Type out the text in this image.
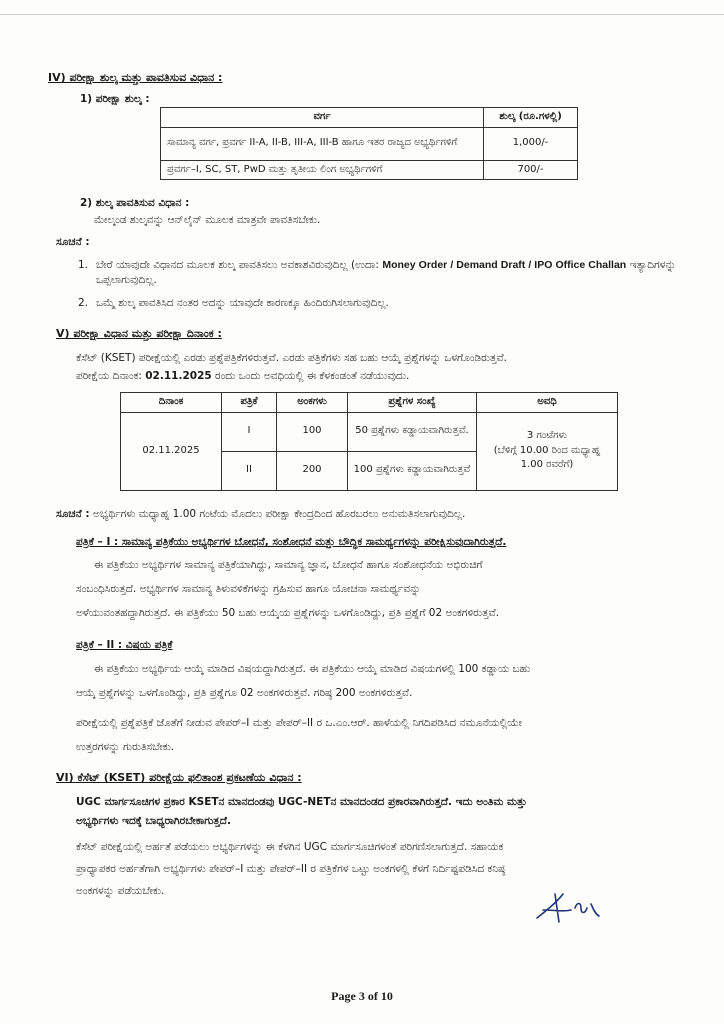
IV) ಪರೀಕ್ಷಾ ಶುಲ್ಕ ಮತ್ತು ಪಾವತಿಸುವ ವಿಧಾನ :
1) ಪರೀಕ್ಷಾ ಶುಲ್ಕ :
ವರ್ಗ	ಶುಲ್ಕ (ರೂ.ಗಳಲ್ಲಿ)
ಸಾಮಾನ್ಯ ವರ್ಗ, ಪ್ರವರ್ಗ II-A, II-B, III-A, III-B ಹಾಗೂ ಇತರ ರಾಜ್ಯದ ಅಭ್ಯರ್ಥಿಗಳಿಗೆ	1,000/-
ಪ್ರವರ್ಗ–I, SC, ST, PwD ಮತ್ತು ತೃತೀಯ ಲಿಂಗ ಅಭ್ಯರ್ಥಿಗಳಿಗೆ	700/-
2) ಶುಲ್ಕ ಪಾವತಿಸುವ ವಿಧಾನ :
ಮೇಲ್ಕಂಡ ಶುಲ್ಕವನ್ನು ಆನ್‌ಲೈನ್ ಮೂಲಕ ಮಾತ್ರವೇ ಪಾವತಿಸಬೇಕು.
ಸೂಚನೆ :
1. ಬೇರೆ ಯಾವುದೇ ವಿಧಾನದ ಮೂಲಕ ಶುಲ್ಕ ಪಾವತಿಸಲು ಅವಕಾಶವಿರುವುದಿಲ್ಲ (ಉದಾ: Money Order / Demand Draft / IPO Office Challan ಇತ್ಯಾದಿಗಳನ್ನು ಒಪ್ಪಲಾಗುವುದಿಲ್ಲ.
2. ಒಮ್ಮೆ ಶುಲ್ಕ ಪಾವತಿಸಿದ ನಂತರ ಅದನ್ನು ಯಾವುದೇ ಕಾರಣಕ್ಕೂ ಹಿಂದಿರುಗಿಸಲಾಗುವುದಿಲ್ಲ.
V) ಪರೀಕ್ಷಾ ವಿಧಾನ ಮತ್ತು ಪರೀಕ್ಷಾ ದಿನಾಂಕ :
ಕೆಸೆಟ್ (KSET) ಪರೀಕ್ಷೆಯಲ್ಲಿ ಎರಡು ಪ್ರಶ್ನೆಪತ್ರಿಕೆಗಳಿರುತ್ತವೆ. ಎರಡು ಪತ್ರಿಕೆಗಳು ಸಹ ಬಹು ಆಯ್ಕೆ ಪ್ರಶ್ನೆಗಳನ್ನು ಒಳಗೊಂಡಿರುತ್ತವೆ.
ಪರೀಕ್ಷೆಯ ದಿನಾಂಕ: 02.11.2025 ರಂದು ಒಂದು ಅವಧಿಯಲ್ಲಿ ಈ ಕೆಳಕಂಡಂತೆ ನಡೆಯುವುದು.
ದಿನಾಂಕ	ಪತ್ರಿಕೆ	ಅಂಕಗಳು	ಪ್ರಶ್ನೆಗಳ ಸಂಖ್ಯೆ	ಅವಧಿ
02.11.2025	I	100	50 ಪ್ರಶ್ನೆಗಳು ಕಡ್ಡಾಯವಾಗಿರುತ್ತವೆ.	3 ಗಂಟೆಗಳು
(ಬೆಳಿಗ್ಗೆ 10.00 ರಿಂದ ಮಧ್ಯಾಹ್ನ
1.00 ರವರೆಗೆ)

	II	200	100 ಪ್ರಶ್ನೆಗಳು ಕಡ್ಡಾಯವಾಗಿರುತ್ತವೆ	
ಸೂಚನೆ : ಅಭ್ಯರ್ಥಿಗಳು ಮಧ್ಯಾಹ್ನ 1.00 ಗಂಟೆಯ ಮೊದಲು ಪರೀಕ್ಷಾ ಕೇಂದ್ರದಿಂದ ಹೊರಬರಲು ಅನುಮತಿಸಲಾಗುವುದಿಲ್ಲ.
ಪತ್ರಿಕೆ – I : ಸಾಮಾನ್ಯ ಪತ್ರಿಕೆಯು ಅಭ್ಯರ್ಥಿಗಳ ಬೋಧನೆ, ಸಂಶೋಧನೆ ಮತ್ತು ಬೌದ್ಧಿಕ ಸಾಮರ್ಥ್ಯಗಳನ್ನು ಪರೀಕ್ಷಿಸುವುದಾಗಿರುತ್ತದೆ.
ಈ ಪತ್ರಿಕೆಯು ಅಭ್ಯರ್ಥಿಗಳ ಸಾಮಾನ್ಯ ಪತ್ರಿಕೆಯಾಗಿದ್ದು, ಸಾಮಾನ್ಯ ಜ್ಞಾನ, ಬೋಧನೆ ಹಾಗೂ ಸಂಶೋಧನೆಯ ಅಭಿರುಚಿಗೆ
ಸಂಬಂಧಿಸಿರುತ್ತದೆ. ಅಭ್ಯರ್ಥಿಗಳ ಸಾಮಾನ್ಯ ತಿಳುವಳಿಕೆಗಳನ್ನು ಗ್ರಹಿಸುವ ಹಾಗೂ ಯೋಚನಾ ಸಾಮರ್ಥ್ಯವನ್ನು
ಅಳೆಯುವಂತಹದ್ದಾಗಿರುತ್ತದೆ. ಈ ಪತ್ರಿಕೆಯು 50 ಬಹು ಆಯ್ಕೆಯ ಪ್ರಶ್ನೆಗಳನ್ನು ಒಳಗೊಂಡಿದ್ದು, ಪ್ರತಿ ಪ್ರಶ್ನೆಗೆ 02 ಅಂಕಗಳಿರುತ್ತವೆ.
ಪತ್ರಿಕೆ – II : ವಿಷಯ ಪತ್ರಿಕೆ
ಈ ಪತ್ರಿಕೆಯು ಅಭ್ಯರ್ಥಿಯ ಆಯ್ಕೆ ಮಾಡಿದ ವಿಷಯದ್ದಾಗಿರುತ್ತದೆ. ಈ ಪತ್ರಿಕೆಯು ಆಯ್ಕೆ ಮಾಡಿದ ವಿಷಯಗಳಲ್ಲಿ 100 ಕಡ್ಡಾಯ ಬಹು
ಆಯ್ಕೆ ಪ್ರಶ್ನೆಗಳನ್ನು ಒಳಗೊಂಡಿದ್ದು, ಪ್ರತಿ ಪ್ರಶ್ನೆಗೂ 02 ಅಂಕಗಳಿರುತ್ತವೆ. ಗರಿಷ್ಠ 200 ಅಂಕಗಳಿರುತ್ತವೆ.
ಪರೀಕ್ಷೆಯಲ್ಲಿ ಪ್ರಶ್ನೆಪತ್ರಿಕೆ ಜೊತೆಗೆ ನೀಡುವ ಪೇಪರ್–I ಮತ್ತು ಪೇಪರ್–II ರ ಒ.ಎಂ.ಆರ್. ಹಾಳೆಯಲ್ಲಿ ನಿಗದಿಪಡಿಸಿದ ನಮೂನೆಯಲ್ಲಿಯೇ
ಉತ್ತರಗಳನ್ನು ಗುರುತಿಸಬೇಕು.
VI) ಕೆಸೆಟ್ (KSET) ಪರೀಕ್ಷೆಯ ಫಲಿತಾಂಶ ಪ್ರಕಟಣೆಯ ವಿಧಾನ :
UGC ಮಾರ್ಗಸೂಚಿಗಳ ಪ್ರಕಾರ KSETನ ಮಾನದಂಡವು UGC-NETನ ಮಾನದಂಡದ ಪ್ರಕಾರವಾಗಿರುತ್ತದೆ. ಇದು ಅಂತಿಮ ಮತ್ತು
ಅಭ್ಯರ್ಥಿಗಳು ಇದಕ್ಕೆ ಬಾಧ್ಯರಾಗಿರಬೇಕಾಗುತ್ತದೆ.
ಕೆಸೆಟ್ ಪರೀಕ್ಷೆಯಲ್ಲಿ ಅರ್ಹತೆ ಪಡೆಯಲು ಅಭ್ಯರ್ಥಿಗಳನ್ನು ಈ ಕೆಳಗಿನ UGC ಮಾರ್ಗಸೂಚಿಗಳಂತೆ ಪರಿಗಣಿಸಲಾಗುತ್ತದೆ. ಸಹಾಯಕ
ಪ್ರಾಧ್ಯಾಪಕರ ಅರ್ಹತೆಗಾಗಿ ಅಭ್ಯರ್ಥಿಗಳು ಪೇಪರ್–I ಮತ್ತು ಪೇಪರ್–II ರ ಪತ್ರಿಕೆಗಳ ಒಟ್ಟು ಅಂಕಗಳಲ್ಲಿ ಕೆಳಗೆ ನಿರ್ದಿಷ್ಟಪಡಿಸಿದ ಕನಿಷ್ಠ
ಅಂಕಗಳನ್ನು ಪಡೆಯಬೇಕು.
Page 3 of 10
